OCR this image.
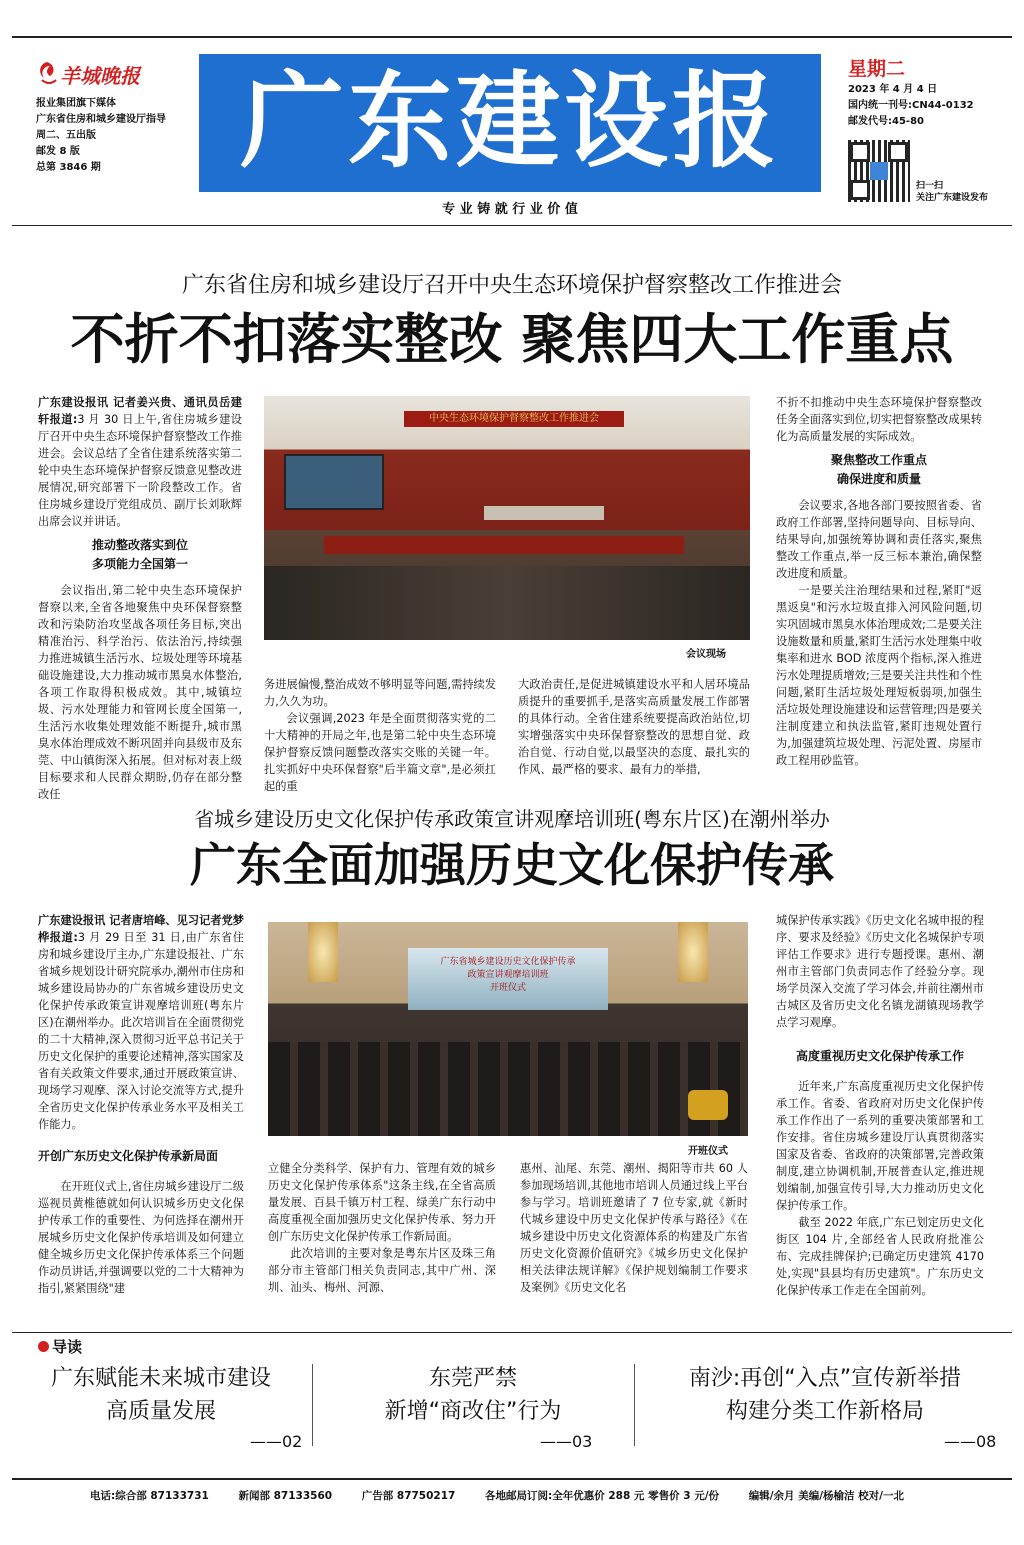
羊城晚报
报业集团旗下媒体
广东省住房和城乡建设厅指导
周二、五出版
邮发 8 版
总第 3846 期	广东建设报
专 业 铸 就 行 业 价 值
星期二
2023 年 4 月 4 日
国内统一刊号:CN44-0132
邮发代号:45-80
扫一扫
关注广东建设发布
广东省住房和城乡建设厅召开中央生态环境保护督察整改工作推进会
不折不扣落实整改 聚焦四大工作重点

广东建设报讯 记者姜兴贵、通讯员岳建轩报道:3 月 30 日上午,省住房城乡建设厅召开中央生态环境保护督察整改工作推进会。会议总结了全省住建系统落实第二轮中央生态环境保护督察反馈意见整改进展情况,研究部署下一阶段整改工作。省住房城乡建设厅党组成员、副厅长刘耿辉出席会议并讲话。

推动整改落实到位
多项能力全国第一

会议指出,第二轮中央生态环境保护督察以来,全省各地聚焦中央环保督察整改和污染防治攻坚战各项任务目标,突出精准治污、科学治污、依法治污,持续强力推进城镇生活污水、垃圾处理等环境基础设施建设,大力推动城市黑臭水体整治,各项工作取得积极成效。其中,城镇垃圾、污水处理能力和管网长度全国第一,生活污水收集处理效能不断提升,城市黑臭水体治理成效不断巩固并向县级市及东莞、中山镇街深入拓展。但对标对表上级目标要求和人民群众期盼,仍存在部分整改任

中央生态环境保护督察整改工作推进会
会议现场

务进展偏慢,整治成效不够明显等问题,需持续发力,久久为功。

会议强调,2023 年是全面贯彻落实党的二十大精神的开局之年,也是第二轮中央生态环境保护督察反馈问题整改落实交账的关键一年。扎实抓好中央环保督察"后半篇文章",是必须扛起的重

大政治责任,是促进城镇建设水平和人居环境品质提升的重要抓手,是落实高质量发展工作部署的具体行动。全省住建系统要提高政治站位,切实增强落实中央环保督察整改的思想自觉、政治自觉、行动自觉,以最坚决的态度、最扎实的作风、最严格的要求、最有力的举措,

不折不扣推动中央生态环境保护督察整改任务全面落实到位,切实把督察整改成果转化为高质量发展的实际成效。

聚焦整改工作重点
确保进度和质量

会议要求,各地各部门要按照省委、省政府工作部署,坚持问题导向、目标导向、结果导向,加强统筹协调和责任落实,聚焦整改工作重点,举一反三标本兼治,确保整改进度和质量。

一是要关注治理结果和过程,紧盯"返黑返臭"和污水垃圾直排入河风险问题,切实巩固城市黑臭水体治理成效;二是要关注设施数量和质量,紧盯生活污水处理集中收集率和进水 BOD 浓度两个指标,深入推进污水处理提质增效;三是要关注共性和个性问题,紧盯生活垃圾处理短板弱项,加强生活垃圾处理设施建设和运营管理;四是要关注制度建立和执法监管,紧盯违规处置行为,加强建筑垃圾处理、污泥处置、房屋市政工程用砂监管。

省城乡建设历史文化保护传承政策宣讲观摩培训班(粤东片区)在潮州举办
广东全面加强历史文化保护传承

广东建设报讯 记者唐培峰、见习记者党梦桦报道:3 月 29 日至 31 日,由广东省住房和城乡建设厅主办,广东建设报社、广东省城乡规划设计研究院承办,潮州市住房和城乡建设局协办的广东省城乡建设历史文化保护传承政策宣讲观摩培训班(粤东片区)在潮州举办。此次培训旨在全面贯彻党的二十大精神,深入贯彻习近平总书记关于历史文化保护的重要论述精神,落实国家及省有关政策文件要求,通过开展政策宣讲、现场学习观摩、深入讨论交流等方式,提升全省历史文化保护传承业务水平及相关工作能力。

开创广东历史文化保护传承新局面

在开班仪式上,省住房城乡建设厅二级巡视员黄椎德就如何认识城乡历史文化保护传承工作的重要性、为何选择在潮州开展城乡历史文化保护传承培训及如何建立健全城乡历史文化保护传承体系三个问题作动员讲话,并强调要以党的二十大精神为指引,紧紧围绕"建

广东省城乡建设历史文化保护传承
政策宣讲观摩培训班
开班仪式
开班仪式

立健全分类科学、保护有力、管理有效的城乡历史文化保护传承体系"这条主线,在全省高质量发展、百县千镇万村工程、绿美广东行动中高度重视全面加强历史文化保护传承、努力开创广东历史文化保护传承工作新局面。

此次培训的主要对象是粤东片区及珠三角部分市主管部门相关负责同志,其中广州、深圳、汕头、梅州、河源、

惠州、汕尾、东莞、潮州、揭阳等市共 60 人参加现场培训,其他地市培训人员通过线上平台参与学习。培训班邀请了 7 位专家,就《新时代城乡建设中历史文化保护传承与路径》《在城乡建设中历史文化资源体系的构建及广东省历史文化资源价值研究》《城乡历史文化保护相关法律法规详解》《保护规划编制工作要求及案例》《历史文化名

城保护传承实践》《历史文化名城申报的程序、要求及经验》《历史文化名城保护专项评估工作要求》进行专题授课。惠州、潮州市主管部门负责同志作了经验分享。现场学员深入交流了学习体会,并前往潮州市古城区及省历史文化名镇龙湖镇现场教学点学习观摩。

高度重视历史文化保护传承工作

近年来,广东高度重视历史文化保护传承工作。省委、省政府对历史文化保护传承工作作出了一系列的重要决策部署和工作安排。省住房城乡建设厅认真贯彻落实国家及省委、省政府的决策部署,完善政策制度,建立协调机制,开展普查认定,推进规划编制,加强宣传引导,大力推动历史文化保护传承工作。

截至 2022 年底,广东已划定历史文化街区 104 片,全部经省人民政府批准公布、完成挂牌保护;已确定历史建筑 4170 处,实现"县县均有历史建筑"。广东历史文化保护传承工作走在全国前列。

导读
广东赋能未来城市建设
高质量发展
——02
东莞严禁
新增“商改住”行为
——03
南沙:再创“入点”宣传新举措
构建分类工作新格局
——08
电话:综合部 87133731	新闻部 87133560	广告部 87750217	各地邮局订阅:全年优惠价 288 元 零售价 3 元/份	编辑/余月 美编/杨榆洁 校对/一北
